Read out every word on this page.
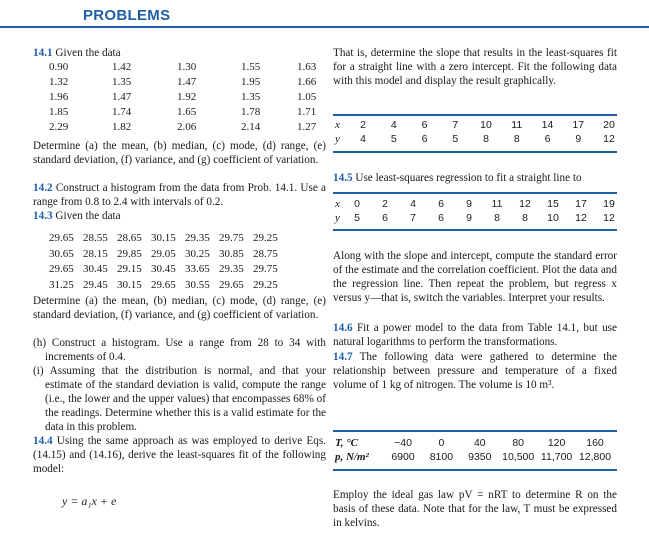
PROBLEMS
14.1 Given the data
0.90	1.42	1.30	1.55	1.63
1.32	1.35	1.47	1.95	1.66
1.96	1.47	1.92	1.35	1.05
1.85	1.74	1.65	1.78	1.71
2.29	1.82	2.06	2.14	1.27
Determine (a) the mean, (b) median, (c) mode, (d) range, (e) standard deviation, (f) variance, and (g) coefficient of variation.
14.2 Construct a histogram from the data from Prob. 14.1. Use a range from 0.8 to 2.4 with intervals of 0.2.
14.3 Given the data
29.65 28.55 28.65 30.15 29.35 29.75 29.25
30.65 28.15 29.85 29.05 30.25 30.85 28.75
29.65 30.45 29.15 30.45 33.65 29.35 29.75
31.25 29.45 30.15 29.65 30.55 29.65 29.25
Determine (a) the mean, (b) median, (c) mode, (d) range, (e) standard deviation, (f) variance, and (g) coefficient of variation.
(h) Construct a histogram. Use a range from 28 to 34 with increments of 0.4.
(i) Assuming that the distribution is normal, and that your estimate of the standard deviation is valid, compute the range (i.e., the lower and the upper values) that encompasses 68% of the readings. Determine whether this is a valid estimate for the data in this problem.
14.4 Using the same approach as was employed to derive Eqs. (14.15) and (14.16), derive the least-squares fit of the following model:
y = a₁x + e
That is, determine the slope that results in the least-squares fit for a straight line with a zero intercept. Fit the following data with this model and display the result graphically.
x 2 4 6 7 10 11 14 17 20
y 4 5 6 5 8 8 6 9 12
14.5 Use least-squares regression to fit a straight line to
x 0 2 4 6 9 11 12 15 17 19
y 5 6 7 6 9 8 8 10 12 12
Along with the slope and intercept, compute the standard error of the estimate and the correlation coefficient. Plot the data and the regression line. Then repeat the problem, but regress x versus y—that is, switch the variables. Interpret your results.
14.6 Fit a power model to the data from Table 14.1, but use natural logarithms to perform the transformations.
14.7 The following data were gathered to determine the relationship between pressure and temperature of a fixed volume of 1 kg of nitrogen. The volume is 10 m³.
T, °C	−40	0	40	80 120 160
p, N/m² 6900 8100 9350 10,500 11,700 12,800
Employ the ideal gas law pV = nRT to determine R on the basis of these data. Note that for the law, T must be expressed in kelvins.
